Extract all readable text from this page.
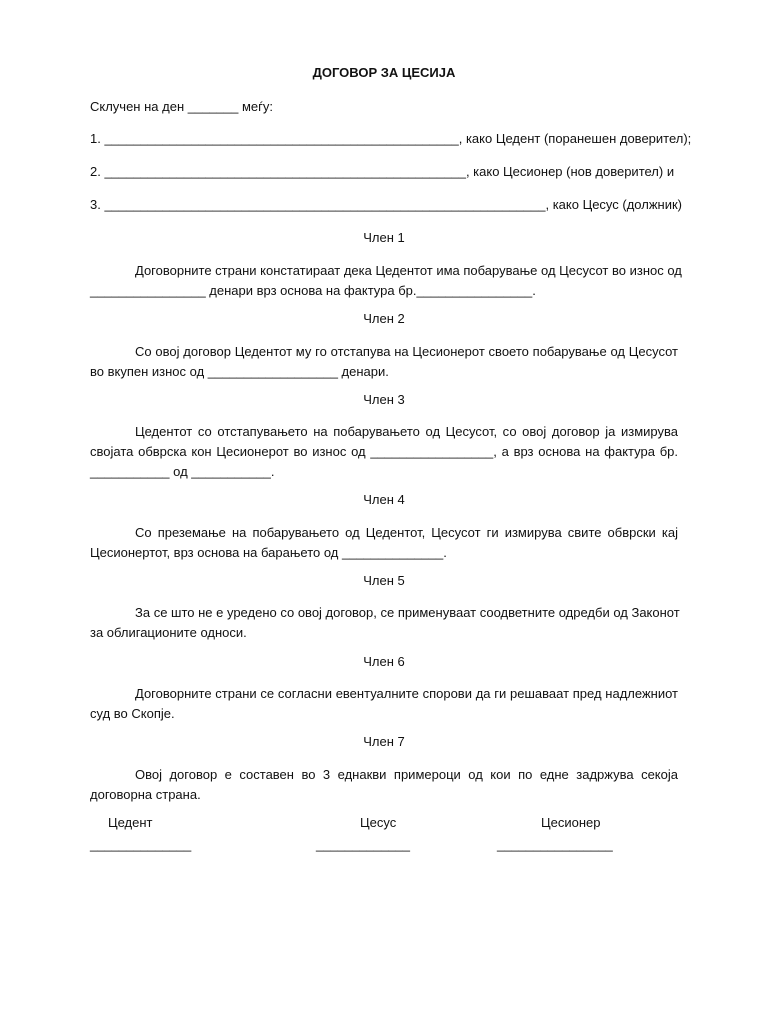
ДОГОВОР ЗА ЦЕСИЈА
Склучен на ден _______ меѓу:
1. _________________________________________________, како Цедент (поранешен доверител);
2. __________________________________________________, како Цесионер (нов доверител) и
3. _____________________________________________________________, како Цесус (должник)
Член 1
Договорните страни констатираат дека Цедентот има побарување од Цесусот во износ од
________________ денари врз основа на фактура бр.________________.
Член 2
Со овој договор Цедентот му го отстапува на Цесионерот своето побарување од Цесусот
во вкупен износ од __________________ денари.
Член 3
Цедентот со отстапувањето на побарувањето од Цесусот, со овој договор ја измирува
својата обврска кон Цесионерот во износ од _________________, а врз основа на фактура бр.
___________ од ___________.
Член 4
Со преземање на побарувањето од Цедентот, Цесусот ги измирува свите обврски кај
Цесионертот, врз основа на барањето од ______________.
Член 5
За се што не е уредено со овој договор, се применуваат соодветните одредби од Законот
за облигационите односи.
Член 6
Договорните страни се согласни евентуалните спорови да ги решаваат пред надлежниот
суд во Скопје.
Член 7
Овој договор е составен во 3 еднакви примероци од кои по едне задржува секоја
договорна страна.
Цедент	Цесус	Цесионер
______________	_____________	________________
